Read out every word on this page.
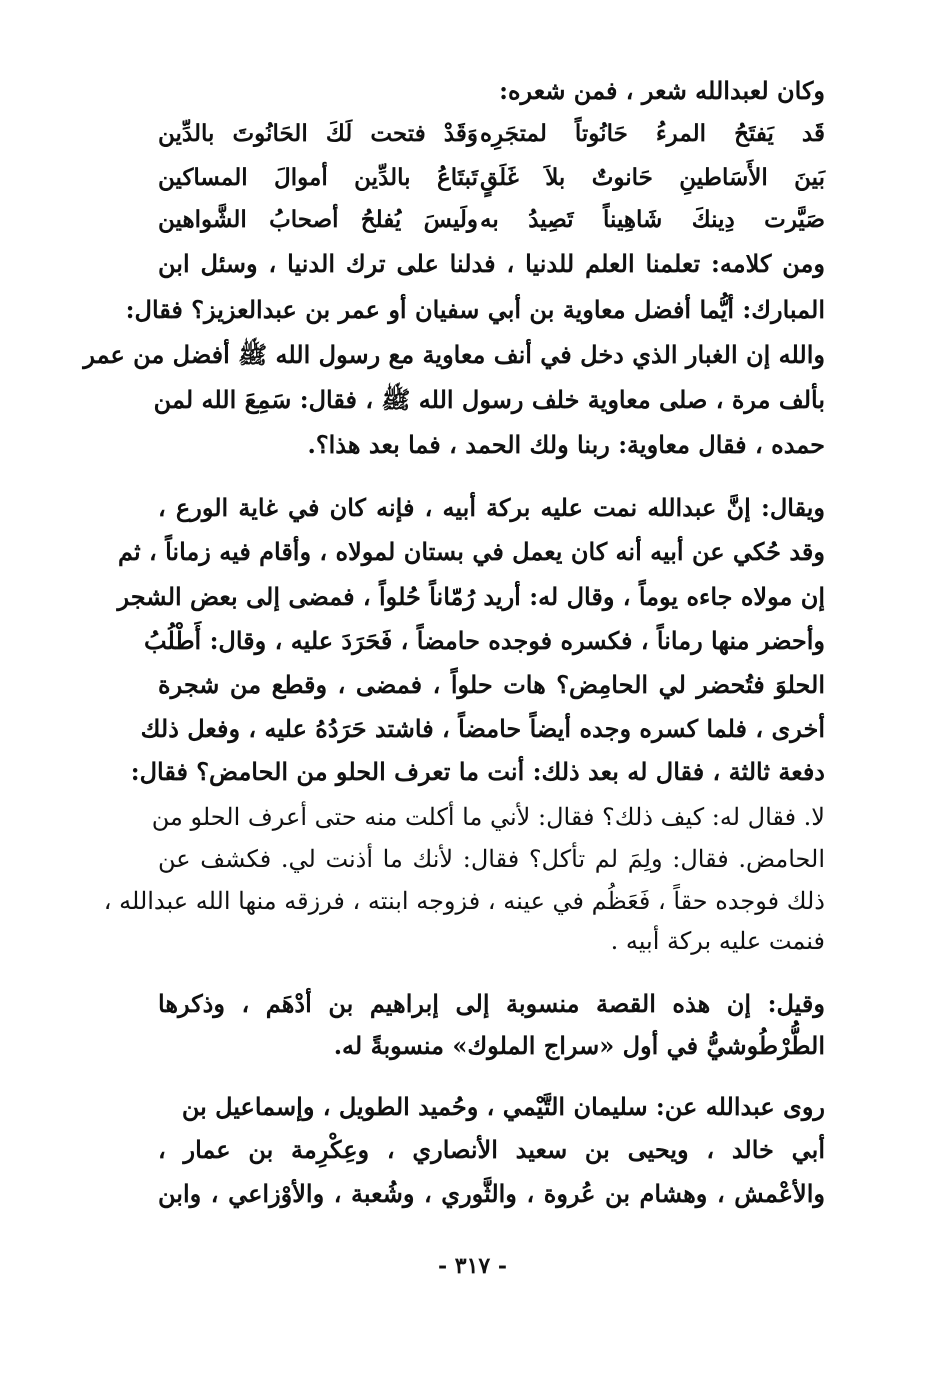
وكان لعبدالله شعر ، فمن شعره:
قَد يَفتَحُ المرءُ حَانُوتاً لمتجَرِه
وَقَدْ فتحت لَكَ الحَانُوتَ بالدِّين
بَينَ الأَسَاطينِ حَانوتٌ بلاَ غَلَقٍ
تَبتَاعُ بالدِّين أموالَ المساكين
صَيَّرت دِينكَ شَاهِيناً تَصِيدُ به
ولَيسَ يُفلحُ أصحابُ الشَّواهين
ومن كلامه: تعلمنا العلم للدنيا ، فدلنا على ترك الدنيا ، وسئل ابن
المبارك: أيُّما أفضل معاوية بن أبي سفيان أو عمر بن عبدالعزيز؟ فقال:
والله إن الغبار الذي دخل في أنف معاوية مع رسول الله ﷺ أفضل من عمر
بألف مرة ، صلى معاوية خلف رسول الله ﷺ ، فقال: سَمِعَ الله لمن
حمده ، فقال معاوية: ربنا ولك الحمد ، فما بعد هذا؟.
ويقال: إنَّ عبدالله نمت عليه بركة أبيه ، فإنه كان في غاية الورع ،
وقد حُكي عن أبيه أنه كان يعمل في بستان لمولاه ، وأقام فيه زماناً ، ثم
إن مولاه جاءه يوماً ، وقال له: أريد رُمّاناً حُلواً ، فمضى إلى بعض الشجر
وأحضر منها رماناً ، فكسره فوجده حامضاً ، فَحَرَدَ عليه ، وقال: أَطْلُبُ
الحلوَ فتُحضر لي الحامِض؟ هات حلواً ، فمضى ، وقطع من شجرة
أخرى ، فلما كسره وجده أيضاً حامضاً ، فاشتد حَرَدُهُ عليه ، وفعل ذلك
دفعة ثالثة ، فقال له بعد ذلك: أنت ما تعرف الحلو من الحامض؟ فقال:
لا. فقال له: كيف ذلك؟ فقال: لأني ما أكلت منه حتى أعرف الحلو من
الحامض. فقال: ولِمَ لم تأكل؟ فقال: لأنك ما أذنت لي. فكشف عن
ذلك فوجده حقاً ، فَعَظُم في عينه ، فزوجه ابنته ، فرزقه منها الله عبدالله ،
فنمت عليه بركة أبيه .
وقيل: إن هذه القصة منسوبة إلى إبراهيم بن أدْهَم ، وذكرها
الطُّرْطُوشيُّ في أول «سراج الملوك» منسوبةً له.
روى عبدالله عن: سليمان التَّيْمي ، وحُميد الطويل ، وإسماعيل بن
أبي خالد ، ويحيى بن سعيد الأنصاري ، وعِكْرِمة بن عمار ،
والأعْمش ، وهشام بن عُروة ، والثَّوري ، وشُعبة ، والأوْزاعي ، وابن
- ٣١٧ -
